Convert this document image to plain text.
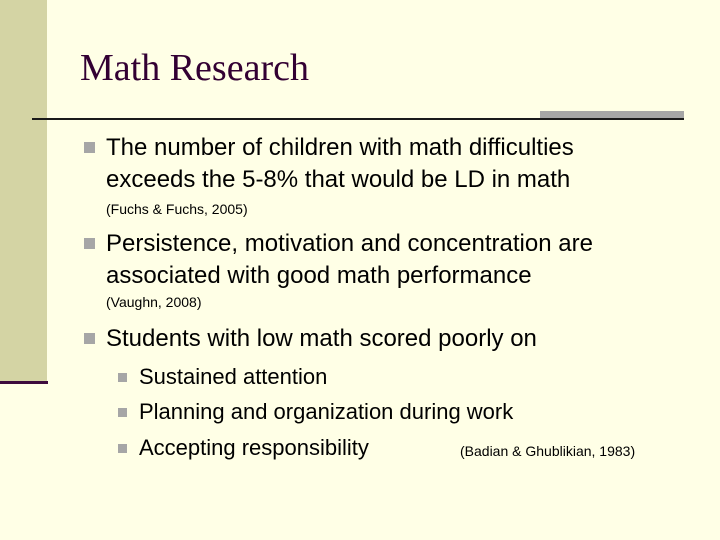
Math Research
The number of children with math difficulties
exceeds the 5-8% that would be LD in math
(Fuchs & Fuchs, 2005)
Persistence, motivation and concentration are
associated with good math performance
(Vaughn, 2008)
Students with low math scored poorly on
Sustained attention
Planning and organization during work
Accepting responsibility	(Badian & Ghublikian, 1983)
